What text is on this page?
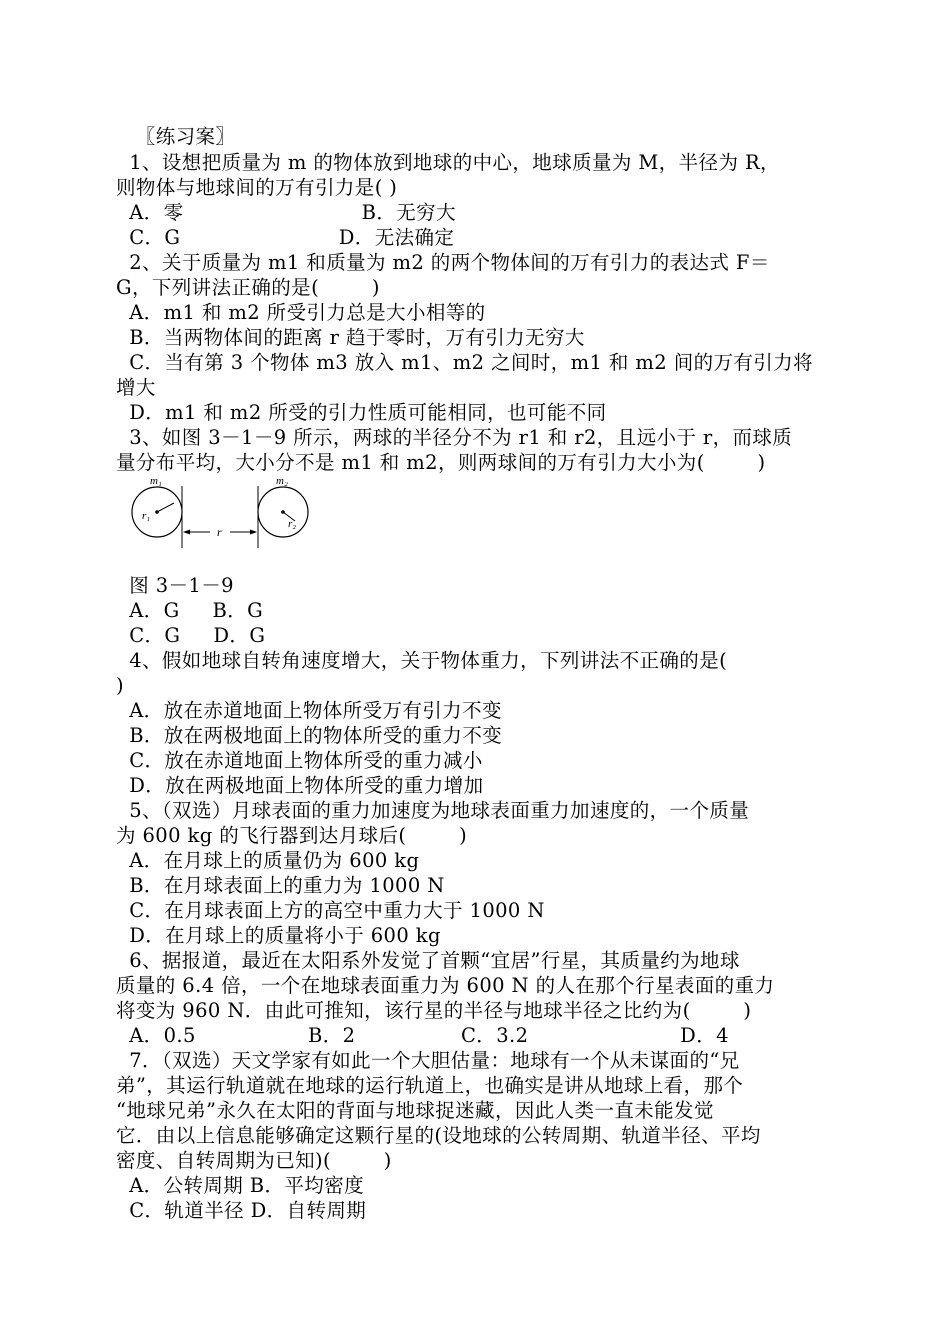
〖练习案〗
1、设想把质量为 m 的物体放到地球的中心，地球质量为 M，半径为 R，
则物体与地球间的万有引力是( )
A．零                           B．无穷大
C．G                        D．无法确定
2、关于质量为 m1 和质量为 m2 的两个物体间的万有引力的表达式 F＝
G，下列讲法正确的是(        )
A．m1 和 m2 所受引力总是大小相等的
B．当两物体间的距离 r 趋于零时，万有引力无穷大
C．当有第 3 个物体 m3 放入 m1、m2 之间时，m1 和 m2 间的万有引力将
增大
D．m1 和 m2 所受的引力性质可能相同，也可能不同
3、如图 3－1－9 所示，两球的半径分不为 r1 和 r2，且远小于 r，而球质
量分布平均，大小分不是 m1 和 m2，则两球间的万有引力大小为(        )
m₁	m₂
r₁
r₂
r
图 3－1－9
A．G     B．G
C．G     D．G
4、假如地球自转角速度增大，关于物体重力，下列讲法不正确的是(
)
A．放在赤道地面上物体所受万有引力不变
B．放在两极地面上的物体所受的重力不变
C．放在赤道地面上物体所受的重力减小
D．放在两极地面上物体所受的重力增加
5、（双选）月球表面的重力加速度为地球表面重力加速度的，一个质量
为 600 kg 的飞行器到达月球后(        )
A．在月球上的质量仍为 600 kg
B．在月球表面上的重力为 1000 N
C．在月球表面上方的高空中重力大于 1000 N
D．在月球上的质量将小于 600 kg
6、据报道，最近在太阳系外发觉了首颗“宜居”行星，其质量约为地球
质量的 6.4 倍，一个在地球表面重力为 600 N 的人在那个行星表面的重力
将变为 960 N．由此可推知，该行星的半径与地球半径之比约为(        )
A．0.5                 B．2                C．3.2                       D．4
7．（双选）天文学家有如此一个大胆估量：地球有一个从未谋面的“兄
弟”，其运行轨道就在地球的运行轨道上，也确实是讲从地球上看，那个
“地球兄弟”永久在太阳的背面与地球捉迷藏，因此人类一直未能发觉
它．由以上信息能够确定这颗行星的(设地球的公转周期、轨道半径、平均
密度、自转周期为已知)(        )
A．公转周期 B．平均密度
C．轨道半径 D．自转周期
